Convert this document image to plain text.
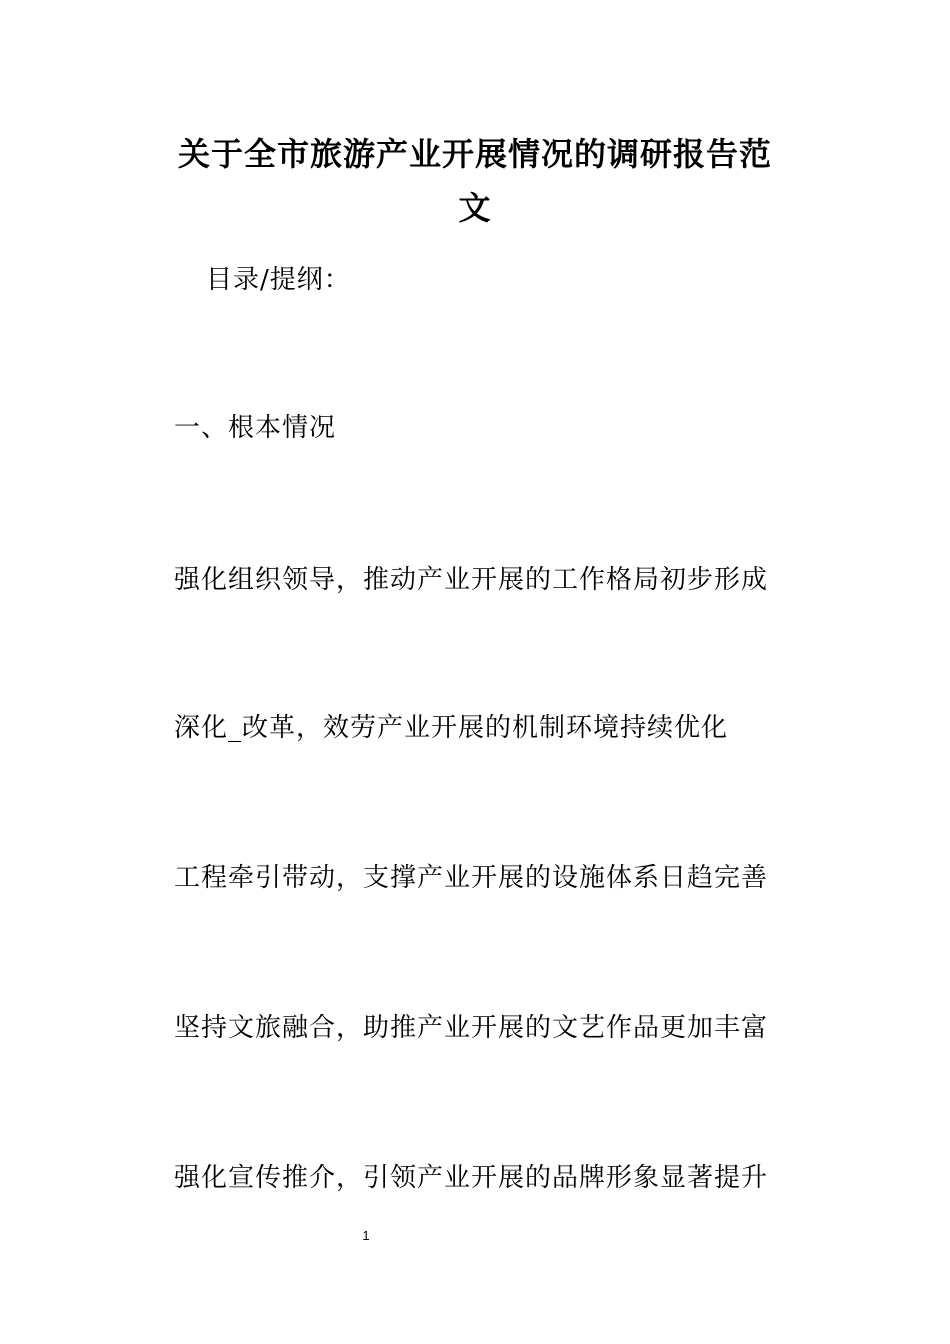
关于全市旅游产业开展情况的调研报告范
文
目录/提纲：
一、根本情况
强化组织领导，推动产业开展的工作格局初步形成
深化_改革，效劳产业开展的机制环境持续优化
工程牵引带动，支撑产业开展的设施体系日趋完善
坚持文旅融合，助推产业开展的文艺作品更加丰富
强化宣传推介，引领产业开展的品牌形象显著提升
1
